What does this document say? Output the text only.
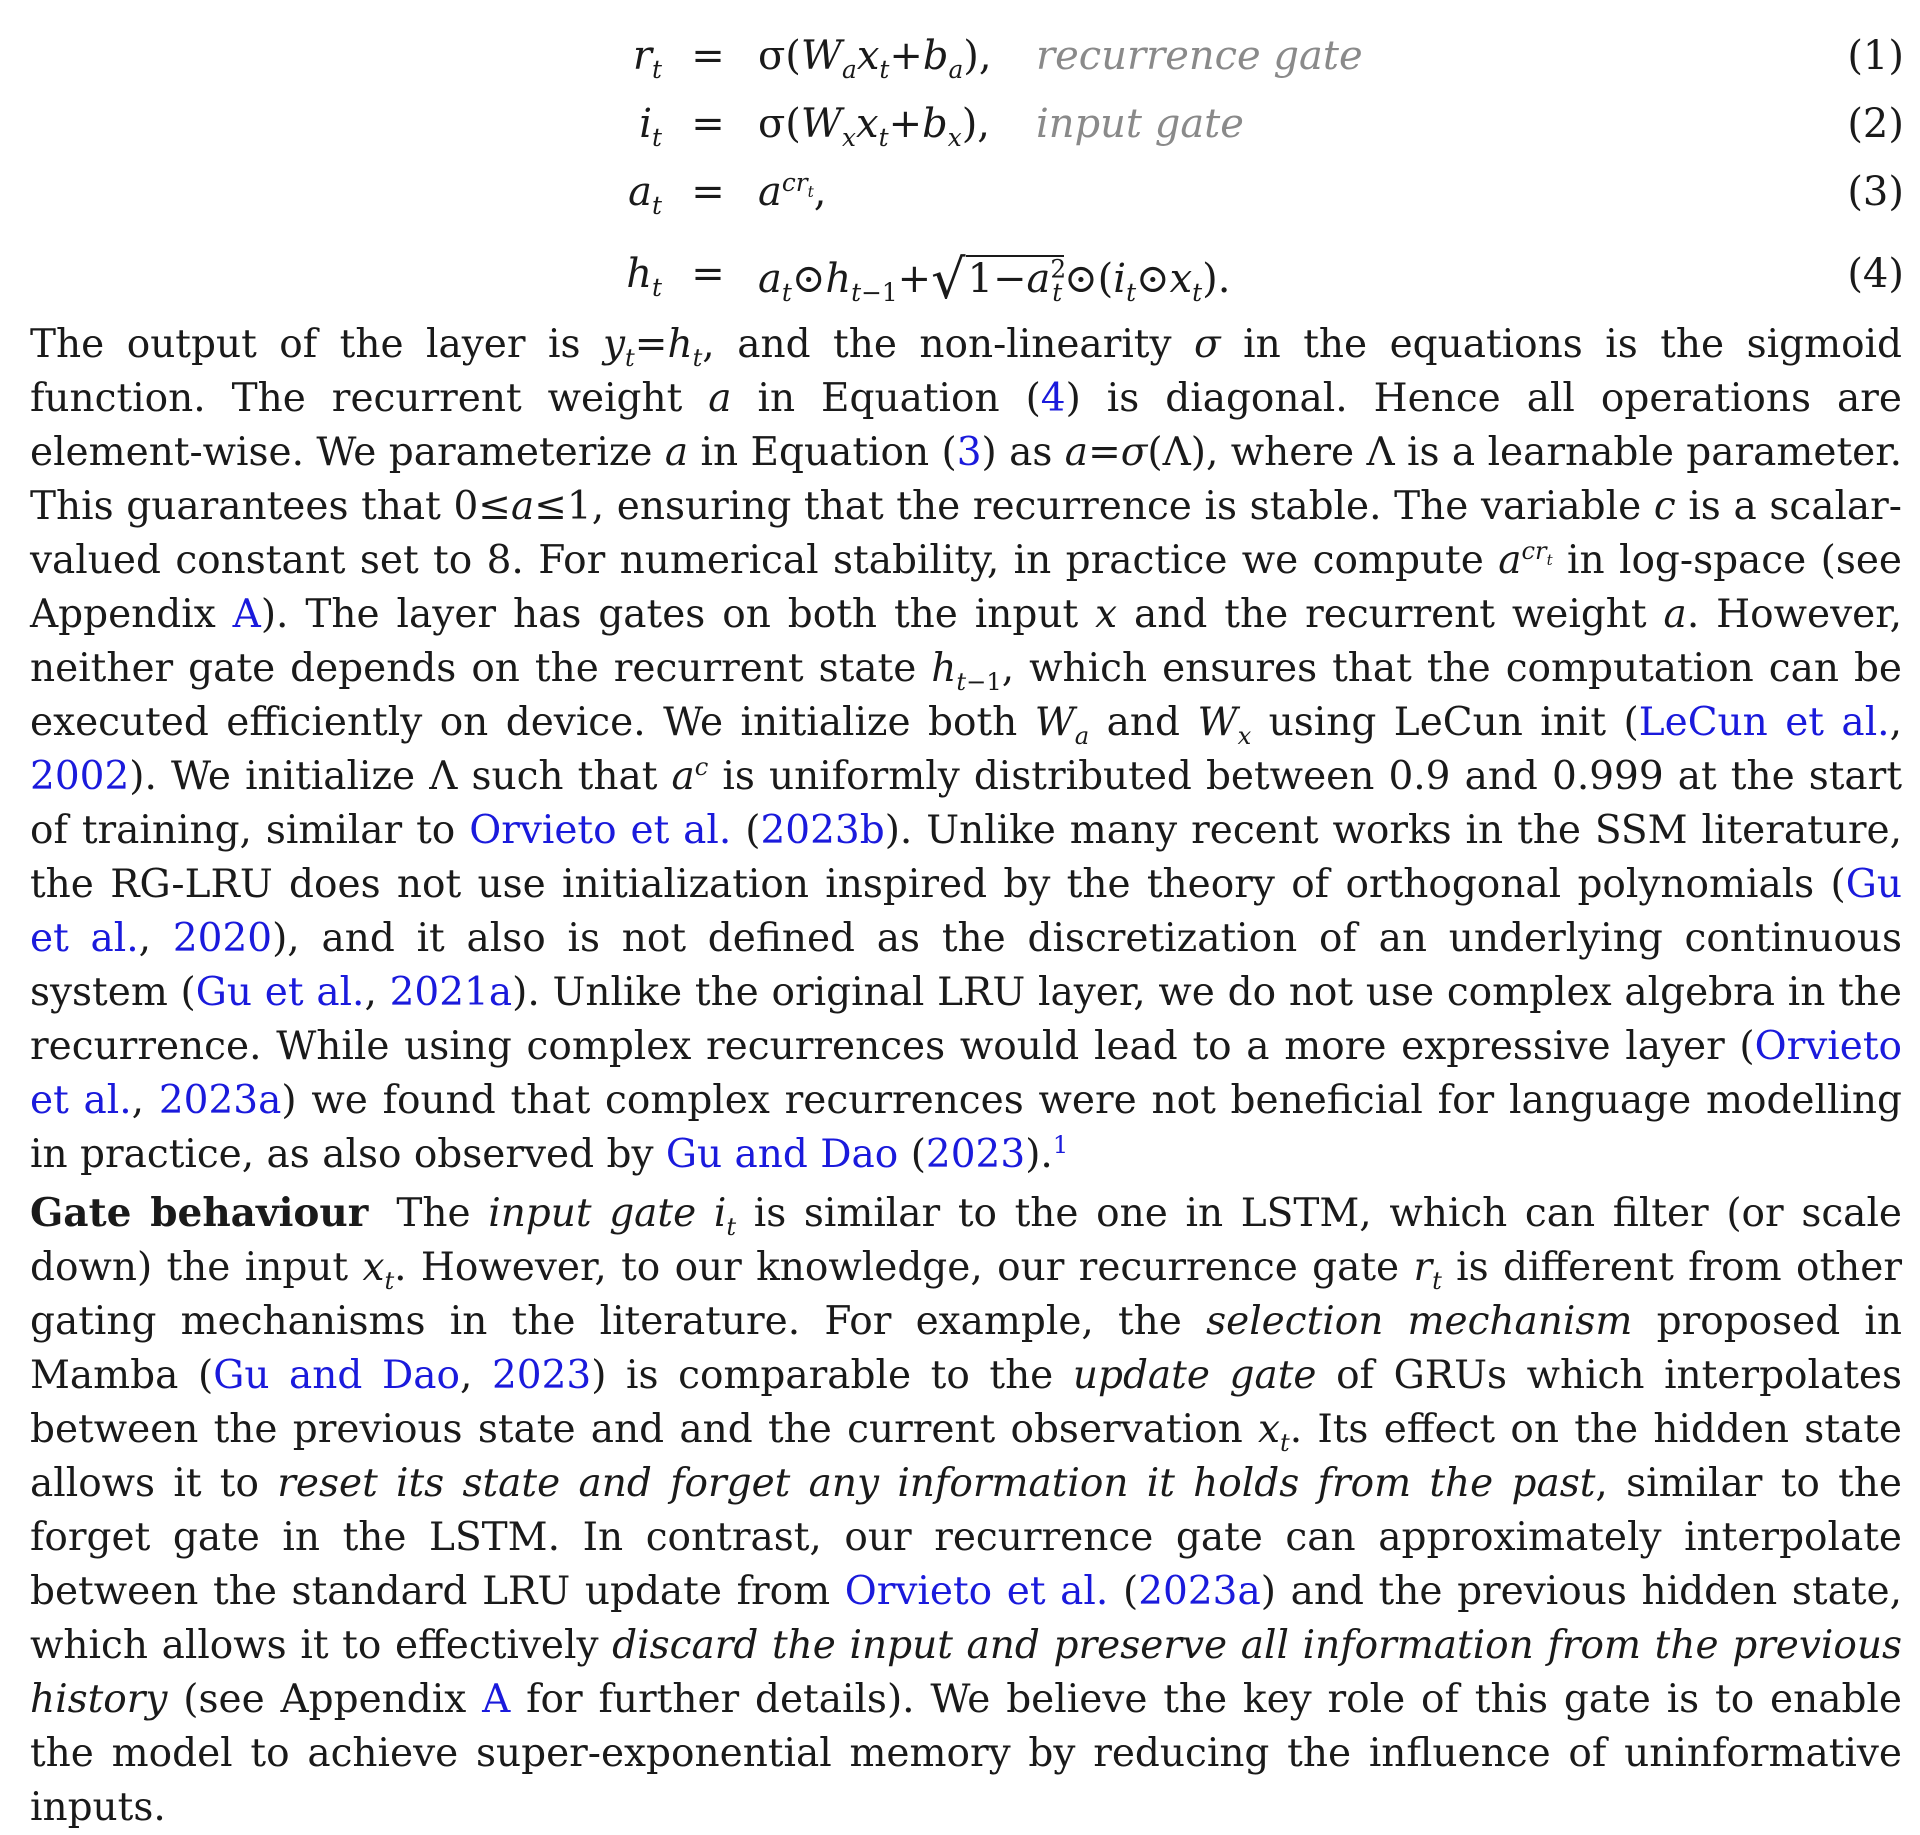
$r_t = \sigma(W_ax_t+b_a)$, recurrence gate	(1)
$i_t = \sigma(W_xx_t+b_x)$, input gate	(2)
$a_t = a^{cr_t}$,	(3)
$h_t$ = $a_t⊙h_{t-1}+√1-a^2_t⊙(i_t⊙x_t)$.	(4)

The output of the layer is $y_t=h_t$, and the non-linearity σ in the equations is the sigmoid function. The recurrent weight a in Equation (4) is diagonal. Hence all operations are element-wise. We parameterize a in Equation (3) as a=σ(Λ), where Λ is a learnable parameter. This guarantees that 0≤a≤1, ensuring that the recurrence is stable. The variable c is a scalar-valued constant set to 8. For numerical stability, in practice we compute $a^{cr_t}$ in log-space (see Appendix A). The layer has gates on both the input x and the recurrent weight a. However, neither gate depends on the recurrent state $h_{t-1}$, which ensures that the computation can be executed efficiently on device. We initialize both $W_a$ and $W_x$ using LeCun init (LeCun et al., 2002). We initialize Λ such that $a^c$ is uniformly distributed between 0.9 and 0.999 at the start of training, similar to Orvieto et al. (2023b). Unlike many recent works in the SSM literature, the RG-LRU does not use initialization inspired by the theory of orthogonal polynomials (Gu et al., 2020), and it also is not defined as the discretization of an underlying continuous system (Gu et al., 2021a). Unlike the original LRU layer, we do not use complex algebra in the recurrence. While using complex recurrences would lead to a more expressive layer (Orvieto et al., 2023a) we found that complex recurrences were not beneficial for language modelling in practice, as also observed by Gu and Dao (2023).$^1$

Gate behaviour The input gate $i_t$ is similar to the one in LSTM, which can filter (or scale down) the input $x_t$. However, to our knowledge, our recurrence gate $r_t$ is different from other gating mechanisms in the literature. For example, the selection mechanism proposed in Mamba (Gu and Dao, 2023) is comparable to the update gate of GRUs which interpolates between the previous state and and the current observation $x_t$. Its effect on the hidden state allows it to reset its state and forget any information it holds from the past, similar to the forget gate in the LSTM. In contrast, our recurrence gate can approximately interpolate between the standard LRU update from Orvieto et al. (2023a) and the previous hidden state, which allows it to effectively discard the input and preserve all information from the previous history (see Appendix A for further details). We believe the key role of this gate is to enable the model to achieve super-exponential memory by reducing the influence of uninformative inputs.
